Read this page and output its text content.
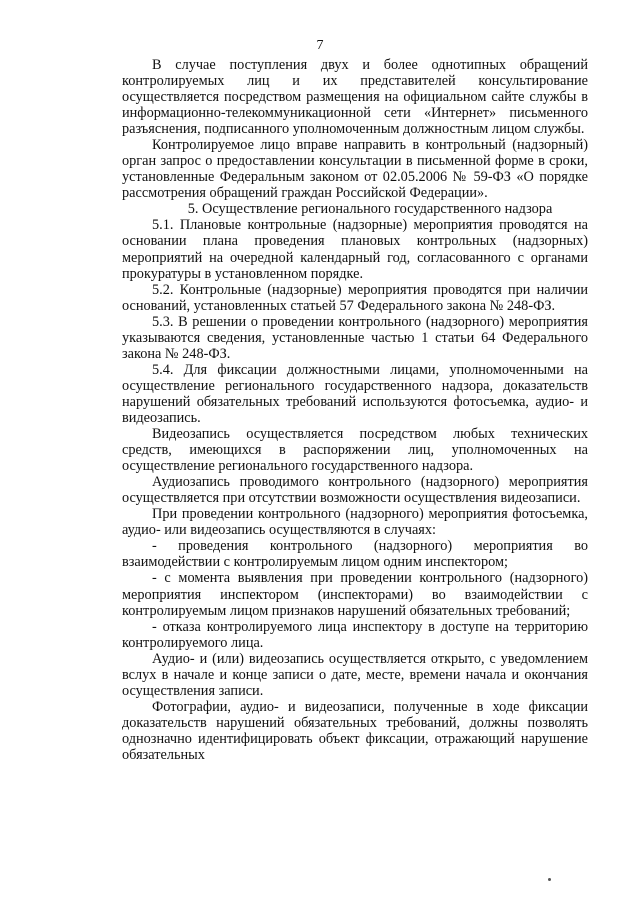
7

В случае поступления двух и более однотипных обращений контролируемых лиц и их представителей консультирование осуществляется посредством размещения на официальном сайте службы в информационно-телекоммуникационной сети «Интернет» письменного разъяснения, подписанного уполномоченным должностным лицом службы.

Контролируемое лицо вправе направить в контрольный (надзорный) орган запрос о предоставлении консультации в письменной форме в сроки, установленные Федеральным законом от 02.05.2006 № 59-ФЗ «О порядке рассмотрения обращений граждан Российской Федерации».

5. Осуществление регионального государственного надзора

5.1. Плановые контрольные (надзорные) мероприятия проводятся на основании плана проведения плановых контрольных (надзорных) мероприятий на очередной календарный год, согласованного с органами прокуратуры в установленном порядке.

5.2. Контрольные (надзорные) мероприятия проводятся при наличии оснований, установленных статьей 57 Федерального закона № 248-ФЗ.

5.3. В решении о проведении контрольного (надзорного) мероприятия указываются сведения, установленные частью 1 статьи 64 Федерального закона № 248-ФЗ.

5.4. Для фиксации должностными лицами, уполномоченными на осуществление регионального государственного надзора, доказательств нарушений обязательных требований используются фотосъемка, аудио- и видеозапись.

Видеозапись осуществляется посредством любых технических средств, имеющихся в распоряжении лиц, уполномоченных на осуществление регионального государственного надзора.

Аудиозапись проводимого контрольного (надзорного) мероприятия осуществляется при отсутствии возможности осуществления видеозаписи.

При проведении контрольного (надзорного) мероприятия фотосъемка, аудио- или видеозапись осуществляются в случаях:

- проведения контрольного (надзорного) мероприятия во взаимодействии с контролируемым лицом одним инспектором;

- с момента выявления при проведении контрольного (надзорного) мероприятия инспектором (инспекторами) во взаимодействии с контролируемым лицом признаков нарушений обязательных требований;

- отказа контролируемого лица инспектору в доступе на территорию контролируемого лица.

Аудио- и (или) видеозапись осуществляется открыто, с уведомлением вслух в начале и конце записи о дате, месте, времени начала и окончания осуществления записи.

Фотографии, аудио- и видеозаписи, полученные в ходе фиксации доказательств нарушений обязательных требований, должны позволять однозначно идентифицировать объект фиксации, отражающий нарушение обязательных
